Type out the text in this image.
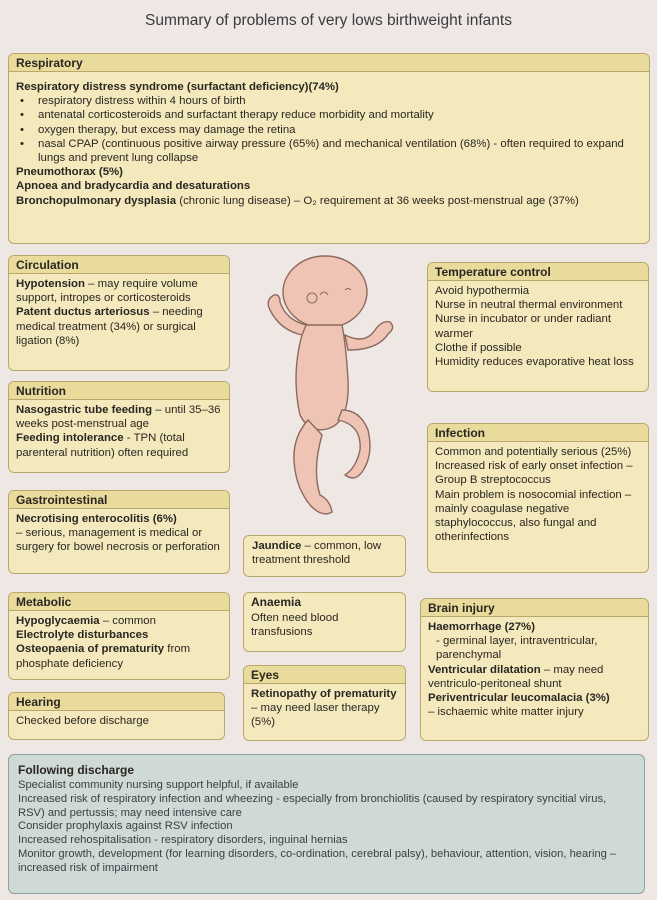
Summary of problems of very lows birthweight infants
Respiratory

Respiratory distress syndrome (surfactant deficiency)(74%)

• respiratory distress within 4 hours of birth

• antenatal corticosteroids and surfactant therapy reduce morbidity and mortality

• oxygen therapy, but excess may damage the retina

• nasal CPAP (continuous positive airway pressure (65%) and mechanical ventilation (68%) - often required to expand lungs and prevent lung collapse

Pneumothorax (5%)

Apnoea and bradycardia and desaturations

Bronchopulmonary dysplasia (chronic lung disease) – O₂ requirement at 36 weeks post-menstrual age (37%)

Circulation

Hypotension – may require volume support, intropes or corticosteroids

Patent ductus arteriosus – needing medical treatment (34%) or surgical ligation (8%)

Temperature control

Avoid hypothermia

Nurse in neutral thermal environment

Nurse in incubator or under radiant warmer

Clothe if possible

Humidity reduces evaporative heat loss

Nutrition

Nasogastric tube feeding – until 35–36 weeks post-menstrual age

Feeding intolerance - TPN (total parenteral nutrition) often required

Infection

Common and potentially serious (25%)

Increased risk of early onset infection – Group B streptococcus

Main problem is nosocomial infection – mainly coagulase negative staphylococcus, also fungal and otherinfections

Gastrointestinal

Necrotising enterocolitis (6%)

– serious, management is medical or surgery for bowel necrosis or perforation	Jaundice – common, low treatment threshold
Metabolic

Hypoglycaemia – common

Electrolyte disturbances

Osteopaenia of prematurity from phosphate deficiency

Anaemia

Often need blood transfusions

Brain injury

Haemorrhage (27%)

- germinal layer, intraventricular, parenchymal

Ventricular dilatation – may need ventriculo-peritoneal shunt

Periventricular leucomalacia (3%)

– ischaemic white matter injury

Eyes

Retinopathy of prematurity – may need laser therapy (5%)

Hearing

Checked before discharge

Following discharge

Specialist community nursing support helpful, if available

Increased risk of respiratory infection and wheezing - especially from bronchiolitis (caused by respiratory syncitial virus, RSV) and pertussis; may need intensive care

Consider prophylaxis against RSV infection

Increased rehospitalisation - respiratory disorders, inguinal hernias

Monitor growth, development (for learning disorders, co-ordination, cerebral palsy), behaviour, attention, vision, hearing – increased risk of impairment
